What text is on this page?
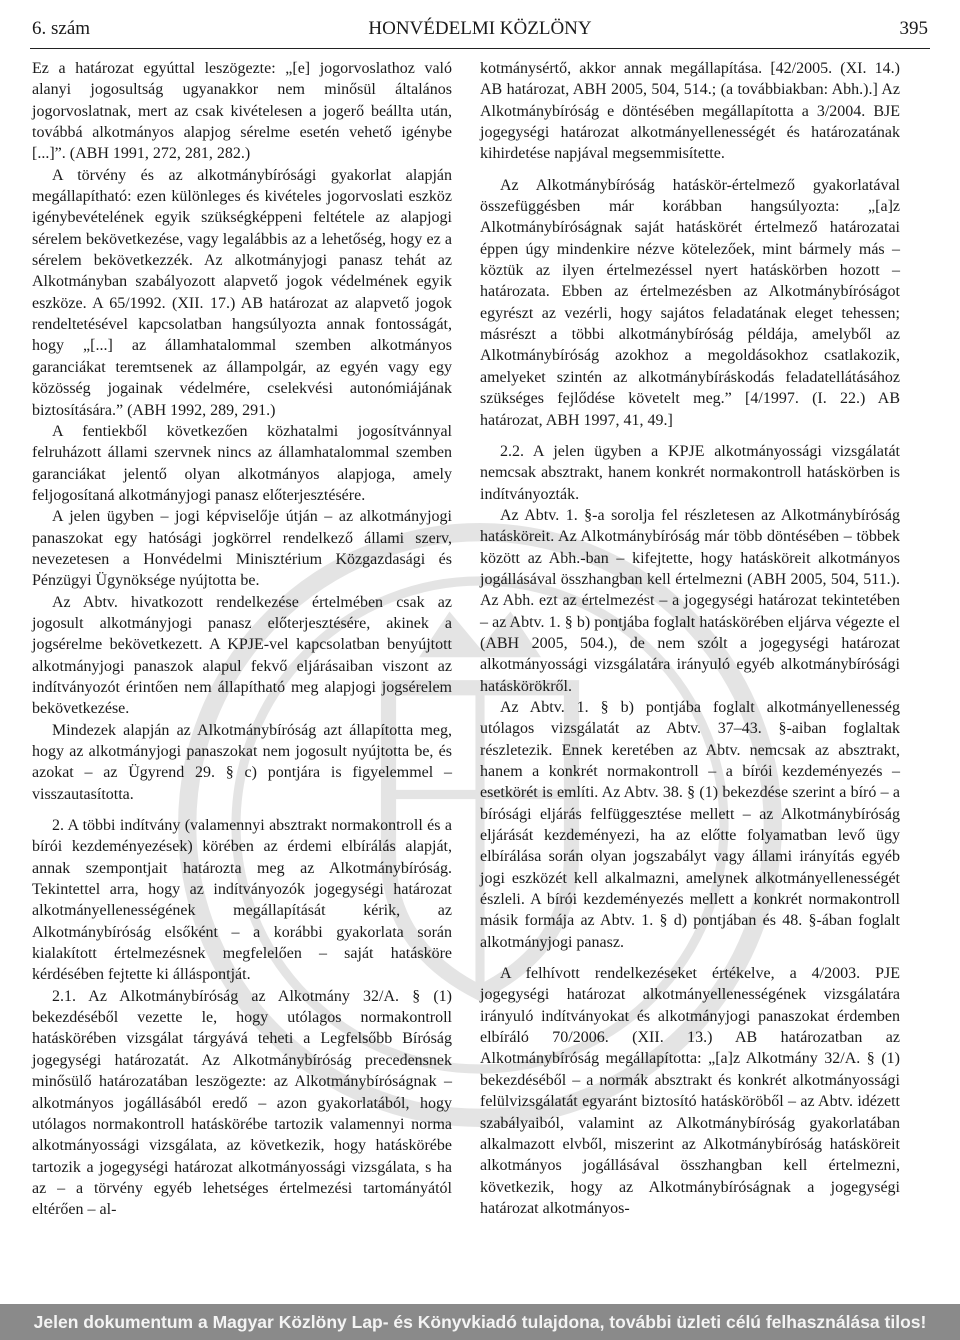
6. szám	HONVÉDELMI KÖZLÖNY	395

Ez a határozat egyúttal leszögezte: „[e] jogorvoslathoz való alanyi jogosultság ugyanakkor nem minősül általános jogorvoslatnak, mert az csak kivételesen a jogerő beállta után, továbbá alkotmányos alapjog sérelme esetén vehető igénybe [...]”. (ABH 1991, 272, 281, 282.)

A törvény és az alkotmánybírósági gyakorlat alapján megállapítható: ezen különleges és kivételes jogorvoslati eszköz igénybevételének egyik szükségképpeni feltétele az alapjogi sérelem bekövetkezése, vagy legalábbis az a lehetőség, hogy ez a sérelem bekövetkezzék. Az alkotmányjogi panasz tehát az Alkotmányban szabályozott alapvető jogok védelmének egyik eszköze. A 65/1992. (XII. 17.) AB határozat az alapvető jogok rendeltetésével kapcsolatban hangsúlyozta annak fontosságát, hogy „[...] az államhatalommal szemben alkotmányos garanciákat teremtsenek az állampolgár, az egyén vagy egy közösség jogainak védelmére, cselekvési autonómiájának biztosítására.” (ABH 1992, 289, 291.)

A fentiekből következően közhatalmi jogosítvánnyal felruházott állami szervnek nincs az államhatalommal szemben garanciákat jelentő olyan alkotmányos alapjoga, amely feljogosítaná alkotmányjogi panasz előterjesztésére.

A jelen ügyben – jogi képviselője útján – az alkotmányjogi panaszokat egy hatósági jogkörrel rendelkező állami szerv, nevezetesen a Honvédelmi Minisztérium Közgazdasági és Pénzügyi Ügynöksége nyújtotta be.

Az Abtv. hivatkozott rendelkezése értelmében csak az jogosult alkotmányjogi panasz előterjesztésére, akinek a jogsérelme bekövetkezett. A KPJE-vel kapcsolatban benyújtott alkotmányjogi panaszok alapul fekvő eljárásaiban viszont az indítványozót érintően nem állapítható meg alapjogi jogsérelem bekövetkezése.

Mindezek alapján az Alkotmánybíróság azt állapította meg, hogy az alkotmányjogi panaszokat nem jogosult nyújtotta be, és azokat – az Ügyrend 29. § c) pontjára is figyelemmel – visszautasította.

2. A többi indítvány (valamennyi absztrakt normakontroll és a bírói kezdeményezések) körében az érdemi elbírálás alapját, annak szempontjait határozta meg az Alkotmánybíróság. Tekintettel arra, hogy az indítványozók jogegységi határozat alkotmányellenességének megállapítását kérik, az Alkotmánybíróság elsőként – a korábbi gyakorlata során kialakított értelmezésnek megfelelően – saját hatásköre kérdésében fejtette ki álláspontját.

2.1. Az Alkotmánybíróság az Alkotmány 32/A. § (1) bekezdéséből vezette le, hogy utólagos normakontroll hatáskörében vizsgálat tárgyává teheti a Legfelsőbb Bíróság jogegységi határozatát. Az Alkotmánybíróság precedensnek minősülő határozatában leszögezte: az Alkotmánybíróságnak – alkotmányos jogállásából eredő – azon gyakorlatából, hogy utólagos normakontroll hatáskörébe tartozik valamennyi norma alkotmányossági vizsgálata, az következik, hogy hatáskörébe tartozik a jogegységi határozat alkotmányossági vizsgálata, s ha az – a törvény egyéb lehetséges értelmezési tartományától eltérően – al-

kotmánysértő, akkor annak megállapítása. [42/2005. (XI. 14.) AB határozat, ABH 2005, 504, 514.; (a továbbiakban: Abh.).] Az Alkotmánybíróság e döntésében megállapította a 3/2004. BJE jogegységi határozat alkotmányellenességét és határozatának kihirdetése napjával megsemmisítette.

Az Alkotmánybíróság hatáskör-értelmező gyakorlatával összefüggésben már korábban hangsúlyozta: „[a]z Alkotmánybíróságnak saját hatáskörét értelmező határozatai éppen úgy mindenkire nézve kötelezőek, mint bármely más – köztük az ilyen értelmezéssel nyert hatáskörben hozott – határozata. Ebben az értelmezésben az Alkotmánybíróságot egyrészt az vezérli, hogy sajátos feladatának eleget tehessen; másrészt a többi alkotmánybíróság példája, amelyből az Alkotmánybíróság azokhoz a megoldásokhoz csatlakozik, amelyeket szintén az alkotmánybíráskodás feladatellátásához szükséges fejlődése követelt meg.” [4/1997. (I. 22.) AB határozat, ABH 1997, 41, 49.]

2.2. A jelen ügyben a KPJE alkotmányossági vizsgálatát nemcsak absztrakt, hanem konkrét normakontroll hatáskörben is indítványozták.

Az Abtv. 1. §-a sorolja fel részletesen az Alkotmánybíróság hatásköreit. Az Alkotmánybíróság már több döntésében – többek között az Abh.-ban – kifejtette, hogy hatásköreit alkotmányos jogállásával összhangban kell értelmezni (ABH 2005, 504, 511.). Az Abh. ezt az értelmezést – a jogegységi határozat tekintetében – az Abtv. 1. § b) pontjába foglalt hatáskörében eljárva végezte el (ABH 2005, 504.), de nem szólt a jogegységi határozat alkotmányossági vizsgálatára irányuló egyéb alkotmánybírósági hatáskörökről.

Az Abtv. 1. § b) pontjába foglalt alkotmányellenesség utólagos vizsgálatát az Abtv. 37–43. §-aiban foglaltak részletezik. Ennek keretében az Abtv. nemcsak az absztrakt, hanem a konkrét normakontroll – a bírói kezdeményezés – esetkörét is említi. Az Abtv. 38. § (1) bekezdése szerint a bíró – a bírósági eljárás felfüggesztése mellett – az Alkotmánybíróság eljárását kezdeményezi, ha az előtte folyamatban levő ügy elbírálása során olyan jogszabályt vagy állami irányítás egyéb jogi eszközét kell alkalmazni, amelynek alkotmányellenességét észleli. A bírói kezdeményezés mellett a konkrét normakontroll másik formája az Abtv. 1. § d) pontjában és 48. §-ában foglalt alkotmányjogi panasz.

A felhívott rendelkezéseket értékelve, a 4/2003. PJE jogegységi határozat alkotmányellenességének vizsgálatára irányuló indítványokat és alkotmányjogi panaszokat érdemben elbíráló 70/2006. (XII. 13.) AB határozatban az Alkotmánybíróság megállapította: „[a]z Alkotmány 32/A. § (1) bekezdéséből – a normák absztrakt és konkrét alkotmányossági felülvizsgálatát egyaránt biztosító hatásköröből – az Abtv. idézett szabályaiból, valamint az Alkotmánybíróság gyakorlatában alkalmazott elvből, miszerint az Alkotmánybíróság hatásköreit alkotmányos jogállásával összhangban kell értelmezni, következik, hogy az Alkotmánybíróságnak a jogegységi határozat alkotmányos-

Jelen dokumentum a Magyar Közlöny Lap- és Könyvkiadó tulajdona, további üzleti célú felhasználása tilos!
